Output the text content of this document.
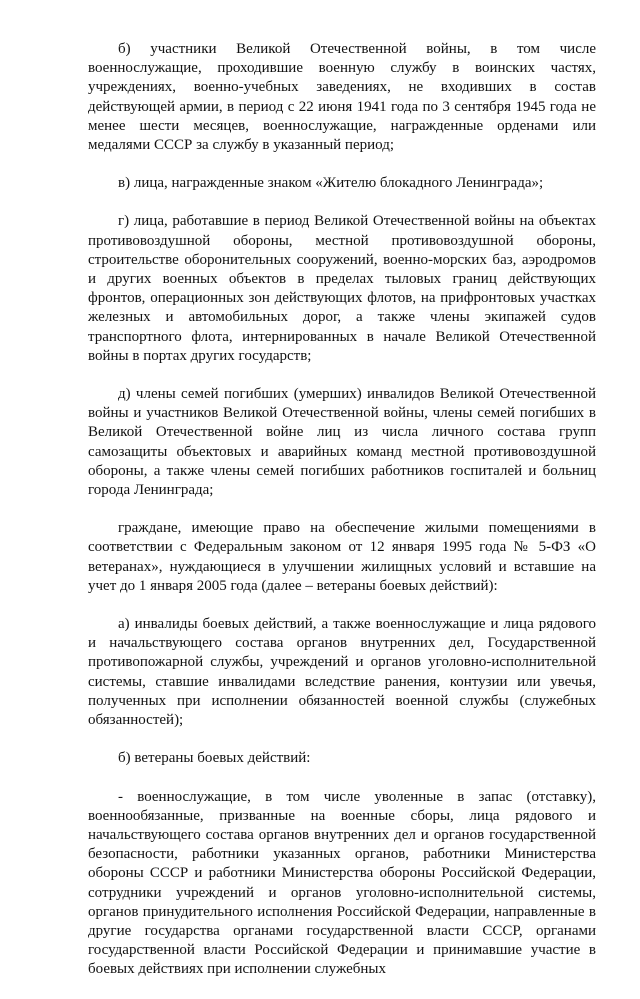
б) участники Великой Отечественной войны, в том числе военнослужащие, проходившие военную службу в воинских частях, учреждениях, военно-учебных заведениях, не входивших в состав действующей армии, в период с 22 июня 1941 года по 3 сентября 1945 года не менее шести месяцев, военнослужащие, награжденные орденами или медалями СССР за службу в указанный период;

в) лица, награжденные знаком «Жителю блокадного Ленинграда»;

г) лица, работавшие в период Великой Отечественной войны на объектах противовоздушной обороны, местной противовоздушной обороны, строительстве оборонительных сооружений, военно-морских баз, аэродромов и других военных объектов в пределах тыловых границ действующих фронтов, операционных зон действующих флотов, на прифронтовых участках железных и автомобильных дорог, а также члены экипажей судов транспортного флота, интернированных в начале Великой Отечественной войны в портах других государств;

д) члены семей погибших (умерших) инвалидов Великой Отечественной войны и участников Великой Отечественной войны, члены семей погибших в Великой Отечественной войне лиц из числа личного состава групп самозащиты объектовых и аварийных команд местной противовоздушной обороны, а также члены семей погибших работников госпиталей и больниц города Ленинграда;

граждане, имеющие право на обеспечение жилыми помещениями в соответствии с Федеральным законом от 12 января 1995 года № 5-ФЗ «О ветеранах», нуждающиеся в улучшении жилищных условий и вставшие на учет до 1 января 2005 года (далее – ветераны боевых действий):

а) инвалиды боевых действий, а также военнослужащие и лица рядового и начальствующего состава органов внутренних дел, Государственной противопожарной службы, учреждений и органов уголовно-исполнительной системы, ставшие инвалидами вследствие ранения, контузии или увечья, полученных при исполнении обязанностей военной службы (служебных обязанностей);

б) ветераны боевых действий:

- военнослужащие, в том числе уволенные в запас (отставку), военнообязанные, призванные на военные сборы, лица рядового и начальствующего состава органов внутренних дел и органов государственной безопасности, работники указанных органов, работники Министерства обороны СССР и работники Министерства обороны Российской Федерации, сотрудники учреждений и органов уголовно-исполнительной системы, органов принудительного исполнения Российской Федерации, направленные в другие государства органами государственной власти СССР, органами государственной власти Российской Федерации и принимавшие участие в боевых действиях при исполнении служебных
